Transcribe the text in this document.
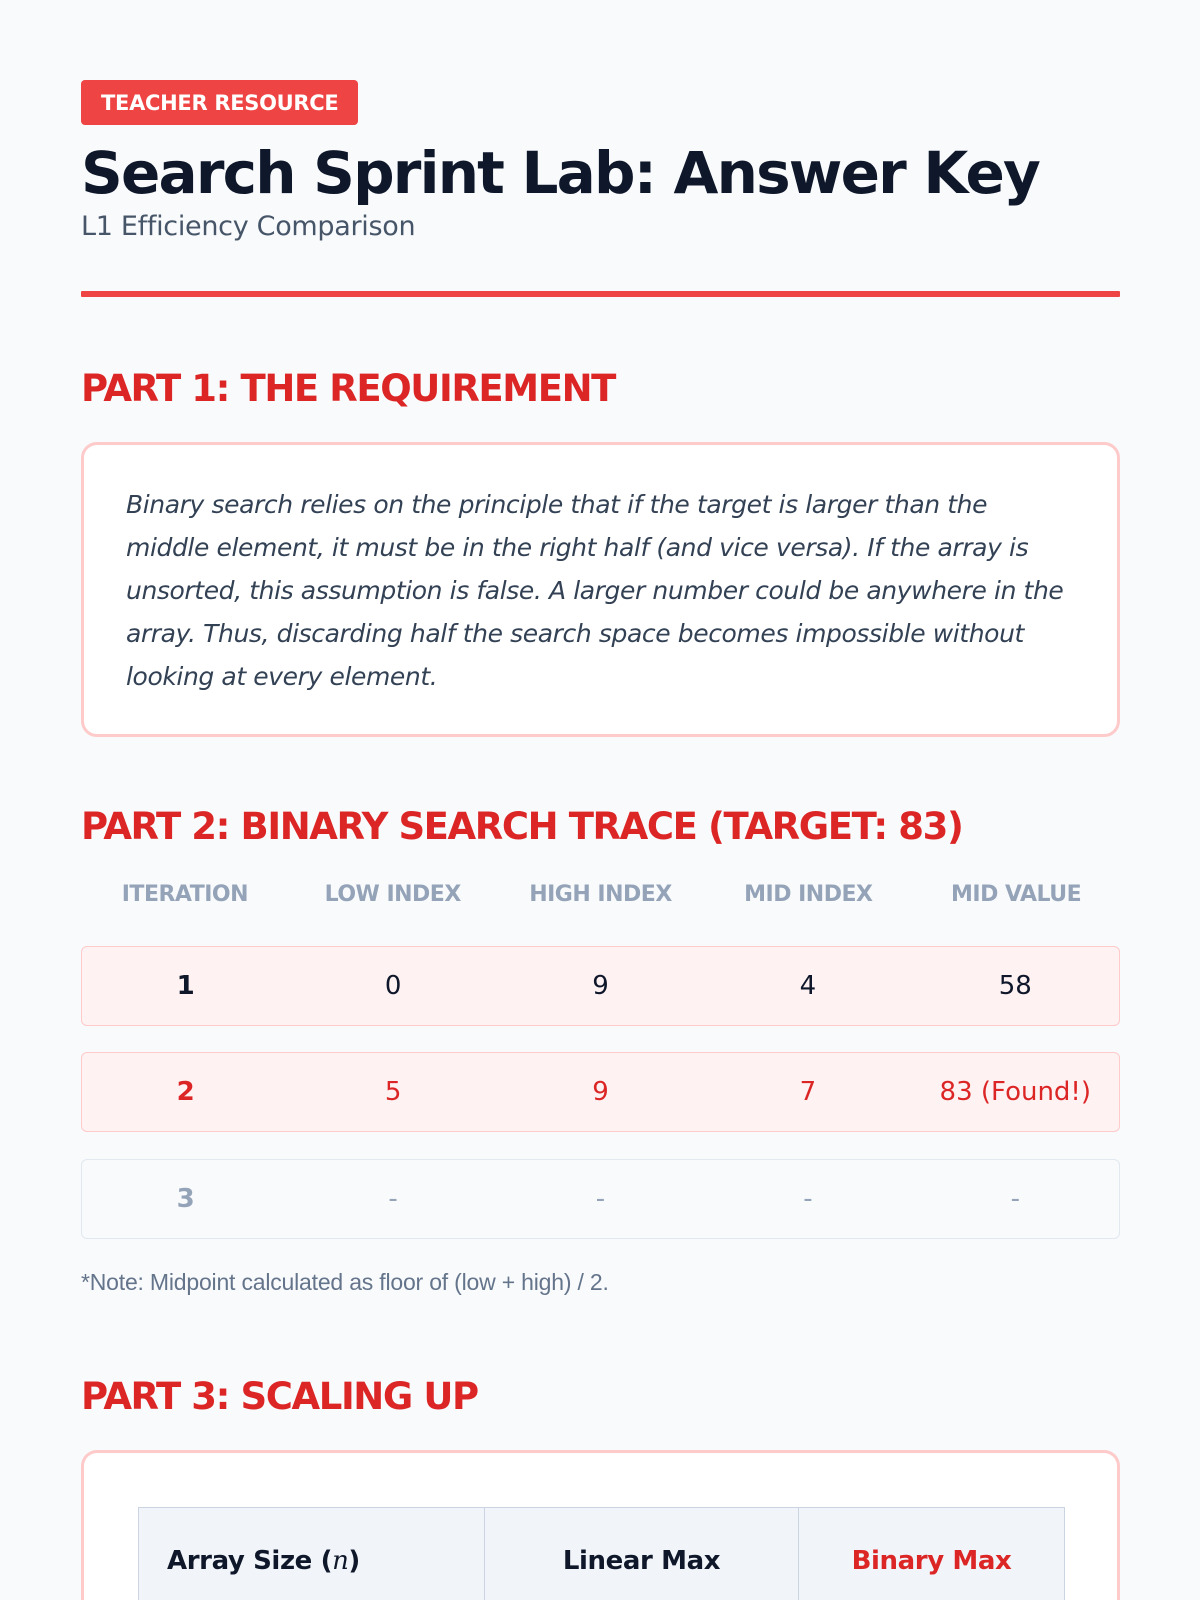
TEACHER RESOURCE
Search Sprint Lab: Answer Key
L1 Efficiency Comparison
PART 1: THE REQUIREMENT

Binary search relies on the principle that if the target is larger than the middle element, it must be in the right half (and vice versa). If the array is unsorted, this assumption is false. A larger number could be anywhere in the array. Thus, discarding half the search space becomes impossible without looking at every element.

PART 2: BINARY SEARCH TRACE (TARGET: 83)
ITERATION	LOW INDEX	HIGH INDEX	MID INDEX	MID VALUE
1	0	9	4	58
2	5	9	7	83 (Found!)
3	-	-	-	-

*Note: Midpoint calculated as floor of (low + high) / 2.

PART 3: SCALING UP
Array Size (n)	Linear Max	Binary Max
